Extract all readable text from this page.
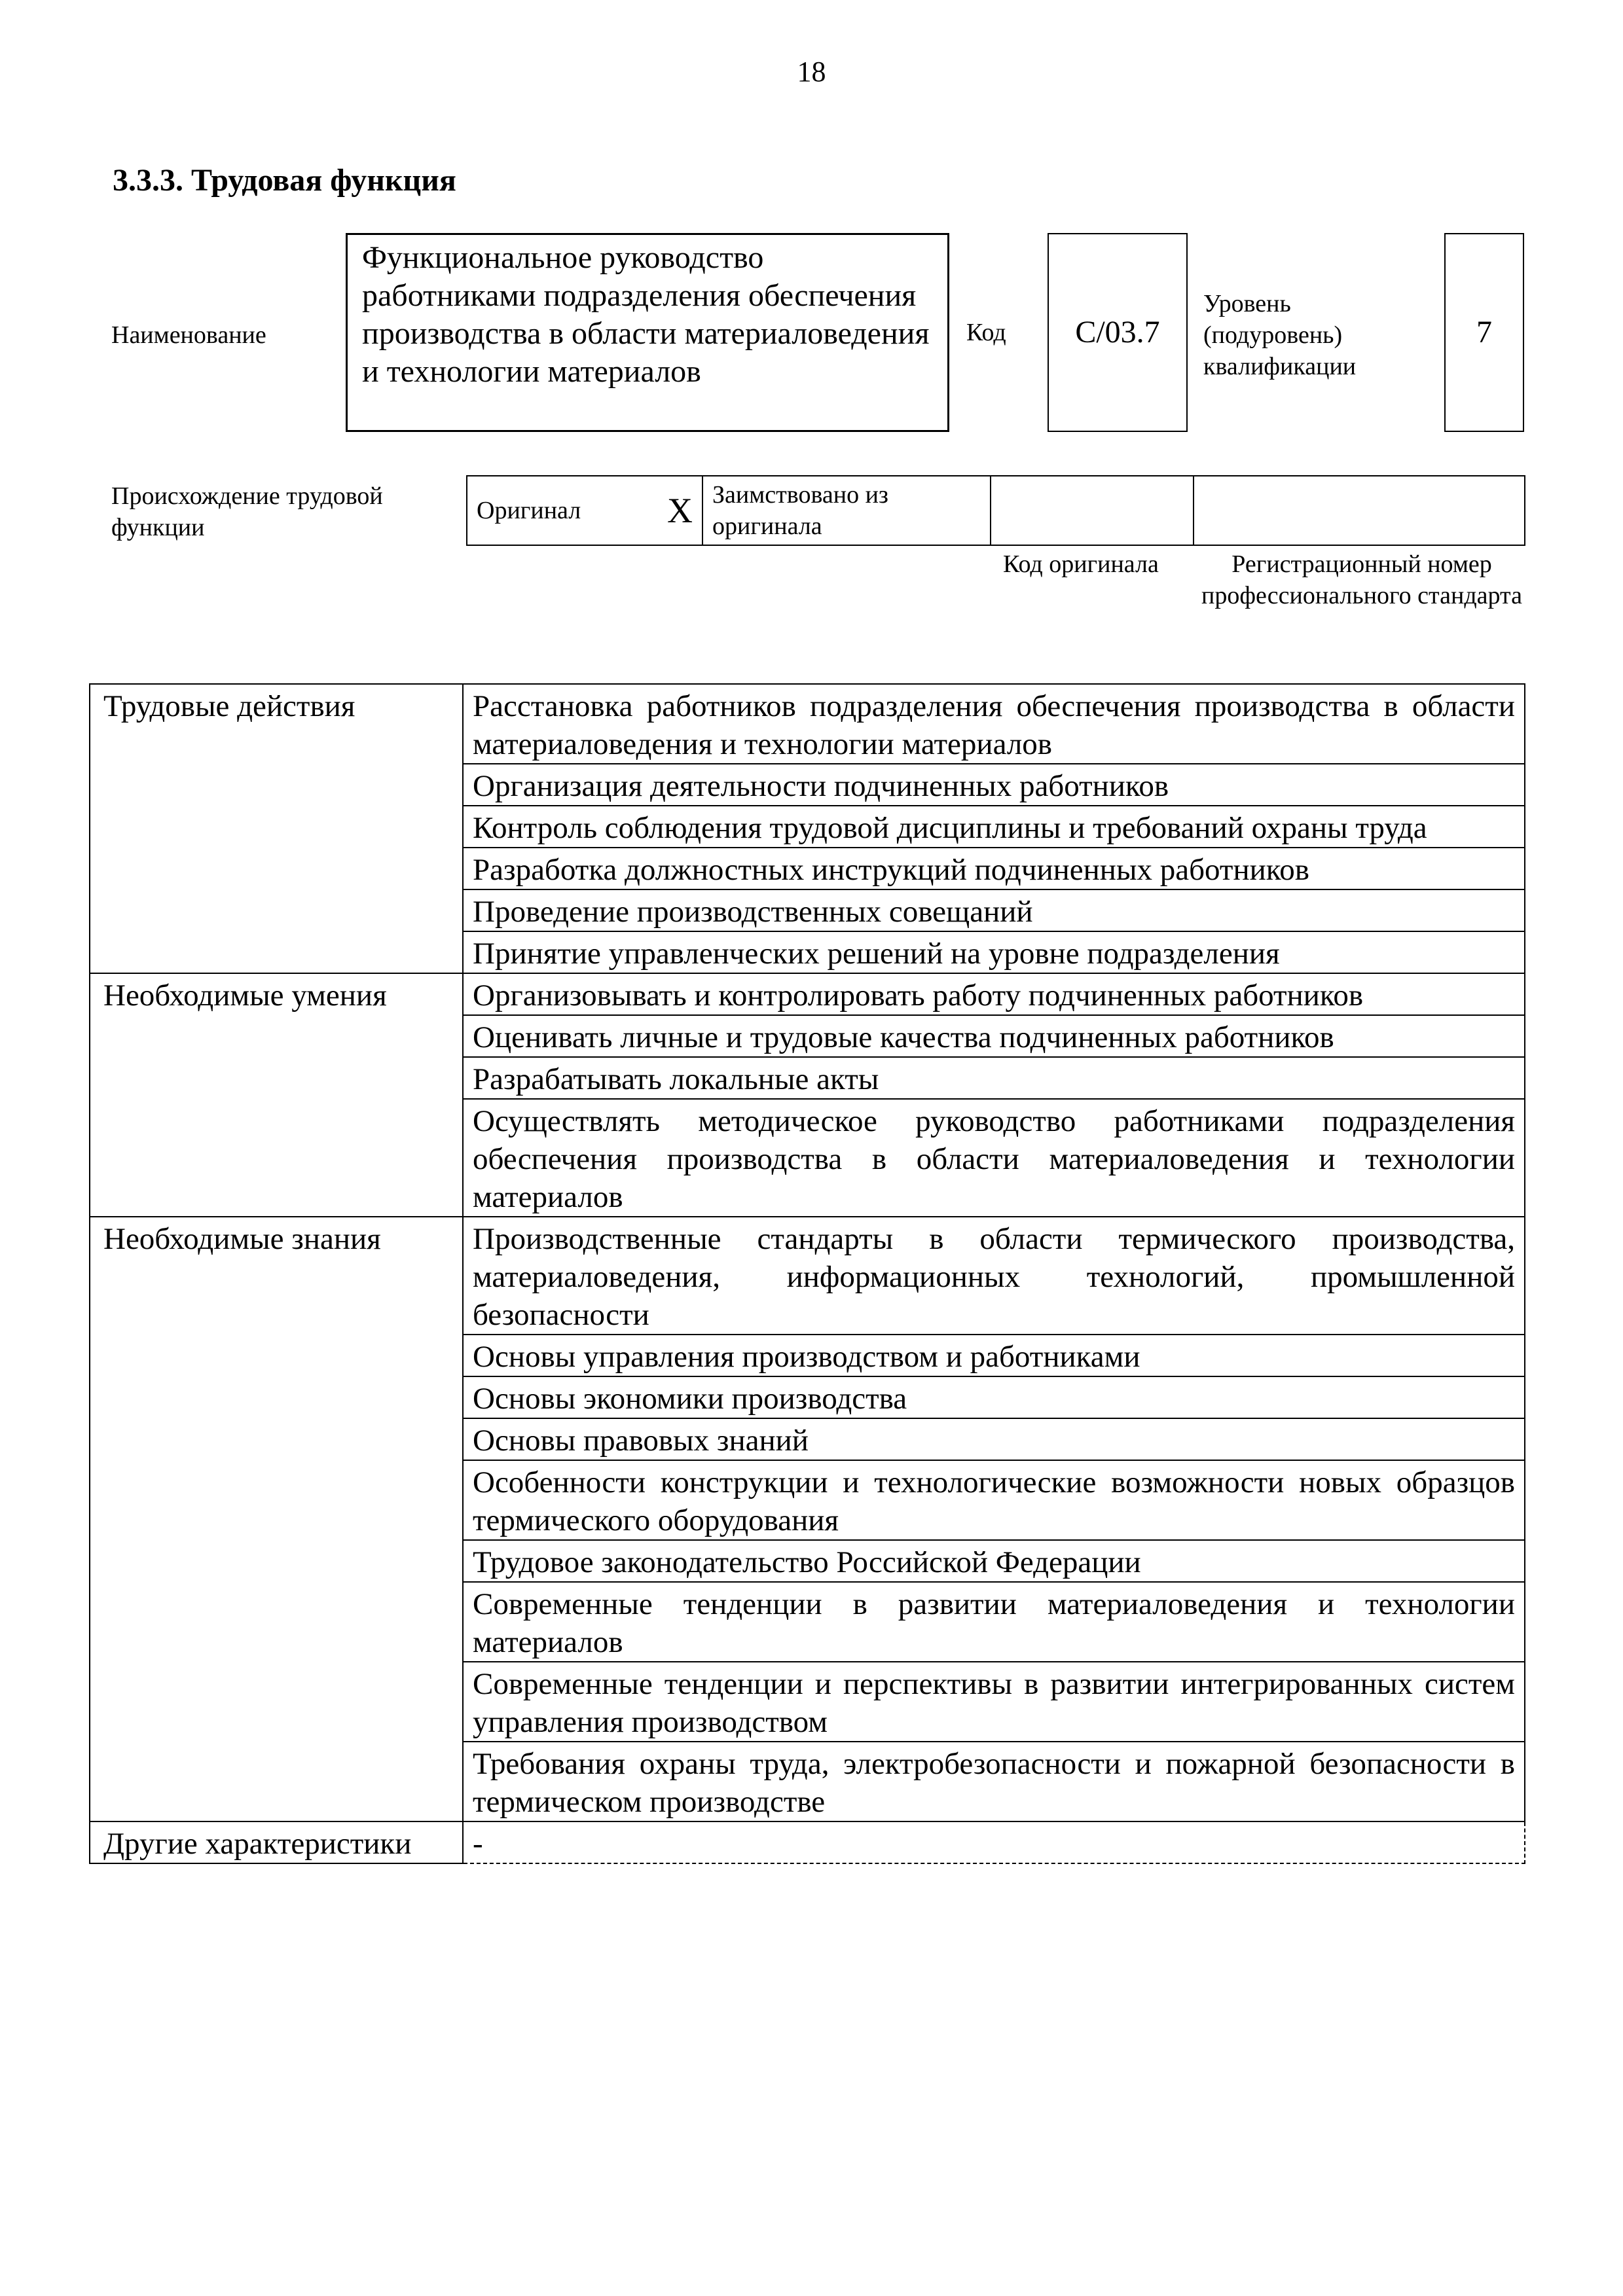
18
3.3.3. Трудовая функция
Наименование
Функциональное руководство работниками подразделения обеспечения производства в области материаловедения и технологии материалов
Код C/03.7
Уровень (подуровень) квалификации
7
Происхождение трудовой функции
Оригинал X	Заимствовано из оригинала		
Код оригинала	Регистрационный номер профессионального стандарта
Трудовые действия	Расстановка работников подразделения обеспечения производства в области материаловедения и технологии материалов
	Организация деятельности подчиненных работников
	Контроль соблюдения трудовой дисциплины и требований охраны труда
	Разработка должностных инструкций подчиненных работников
	Проведение производственных совещаний
	Принятие управленческих решений на уровне подразделения
Необходимые умения	Организовывать и контролировать работу подчиненных работников
	Оценивать личные и трудовые качества подчиненных работников
	Разрабатывать локальные акты
	Осуществлять методическое руководство работниками подразделения обеспечения производства в области материаловедения и технологии материалов
Необходимые знания	Производственные стандарты в области термического производства, материаловедения, информационных технологий, промышленной безопасности
	Основы управления производством и работниками
	Основы экономики производства
	Основы правовых знаний
	Особенности конструкции и технологические возможности новых образцов термического оборудования
	Трудовое законодательство Российской Федерации
	Современные тенденции в развитии материаловедения и технологии материалов
	Современные тенденции и перспективы в развитии интегрированных систем управления производством
	Требования охраны труда, электробезопасности и пожарной безопасности в термическом производстве
Другие характеристики	-
